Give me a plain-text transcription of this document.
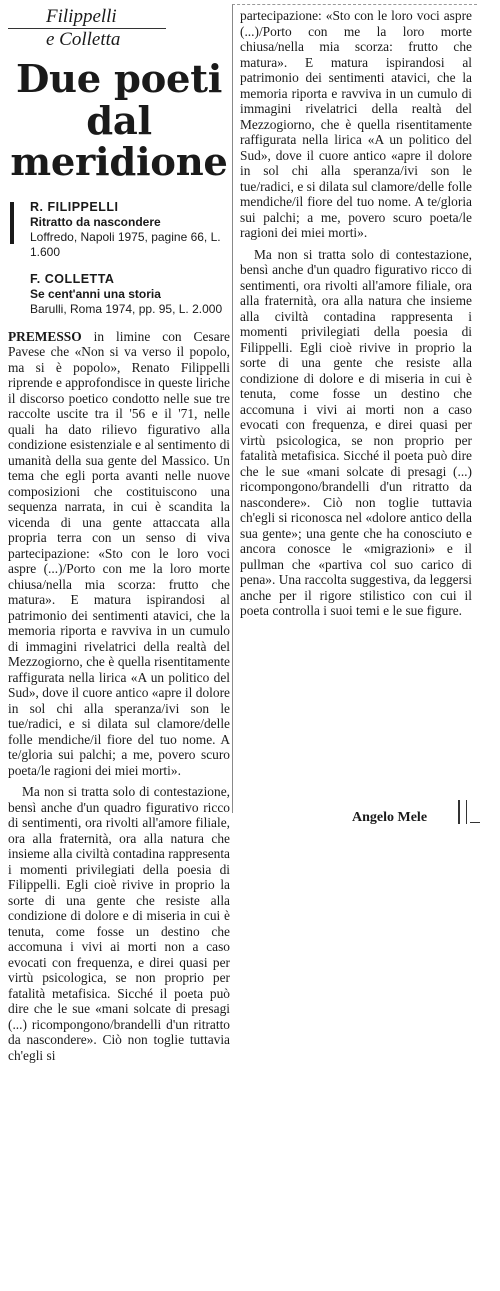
Filippelli
e Colletta
Due poeti
dal
meridione
R. FILIPPELLI
Ritratto da nascondere
Loffredo, Napoli 1975, pagine 66, L. 1.600
F. COLLETTA
Se cent'anni una storia
Barulli, Roma 1974, pp. 95, L. 2.000

PREMESSO in limine con Cesare Pavese che «Non si va verso il popolo, ma si è popolo», Renato Filippelli riprende e approfondisce in queste liriche il discorso poetico condotto nelle sue tre raccolte uscite tra il '56 e il '71, nelle quali ha dato rilievo figurativo alla condizione esistenziale e al sentimento di umanità della sua gente del Massico. Un tema che egli porta avanti nelle nuove composizioni che costituiscono una sequenza narrata, in cui è scandita la vicenda di una gente attaccata alla propria terra con un senso di viva partecipazione: «Sto con le loro voci aspre (...)/Porto con me la loro morte chiusa/nella mia scorza: frutto che matura». E matura ispirandosi al patrimonio dei sentimenti atavici, che la memoria riporta e ravviva in un cumulo di immagini rivelatrici della realtà del Mezzogiorno, che è quella risentitamente raffigurata nella lirica «A un politico del Sud», dove il cuore antico «apre il dolore in sol chi alla speranza/ivi son le tue/radici, e si dilata sul clamore/delle folle mendiche/il fiore del tuo nome. A te/gloria sui palchi; a me, povero scuro poeta/le ragioni dei miei morti».

Ma non si tratta solo di contestazione, bensì anche d'un quadro figurativo ricco di sentimenti, ora rivolti all'amore filiale, ora alla fraternità, ora alla natura che insieme alla civiltà contadina rappresenta i momenti privilegiati della poesia di Filippelli. Egli cioè rivive in proprio la sorte di una gente che resiste alla condizione di dolore e di miseria in cui è tenuta, come fosse un destino che accomuna i vivi ai morti non a caso evocati con frequenza, e direi quasi per virtù psicologica, se non proprio per fatalità metafisica. Sicché il poeta può dire che le sue «mani solcate di presagi (...) ricompongono/brandelli d'un ritratto da nascondere». Ciò non toglie tuttavia ch'egli si

partecipazione: «Sto con le loro voci aspre (...)/Porto con me la loro morte chiusa/nella mia scorza: frutto che matura». E matura ispirandosi al patrimonio dei sentimenti atavici, che la memoria riporta e ravviva in un cumulo di immagini rivelatrici della realtà del Mezzogiorno, che è quella risentitamente raffigurata nella lirica «A un politico del Sud», dove il cuore antico «apre il dolore in sol chi alla speranza/ivi son le tue/radici, e si dilata sul clamore/delle folle mendiche/il fiore del tuo nome. A te/gloria sui palchi; a me, povero scuro poeta/le ragioni dei miei morti».

Ma non si tratta solo di contestazione, bensì anche d'un quadro figurativo ricco di sentimenti, ora rivolti all'amore filiale, ora alla fraternità, ora alla natura che insieme alla civiltà contadina rappresenta i momenti privilegiati della poesia di Filippelli. Egli cioè rivive in proprio la sorte di una gente che resiste alla condizione di dolore e di miseria in cui è tenuta, come fosse un destino che accomuna i vivi ai morti non a caso evocati con frequenza, e direi quasi per virtù psicologica, se non proprio per fatalità metafisica. Sicché il poeta può dire che le sue «mani solcate di presagi (...) ricompongono/brandelli d'un ritratto da nascondere». Ciò non toglie tuttavia ch'egli si riconosca nel «dolore antico della sua gente»; una gente che ha conosciuto e ancora conosce le «migrazioni» e il pullman che «partiva col suo carico di pena». Una raccolta suggestiva, da leggersi anche per il rigore stilistico con cui il poeta controlla i suoi temi e le sue figure.

Angelo Mele
